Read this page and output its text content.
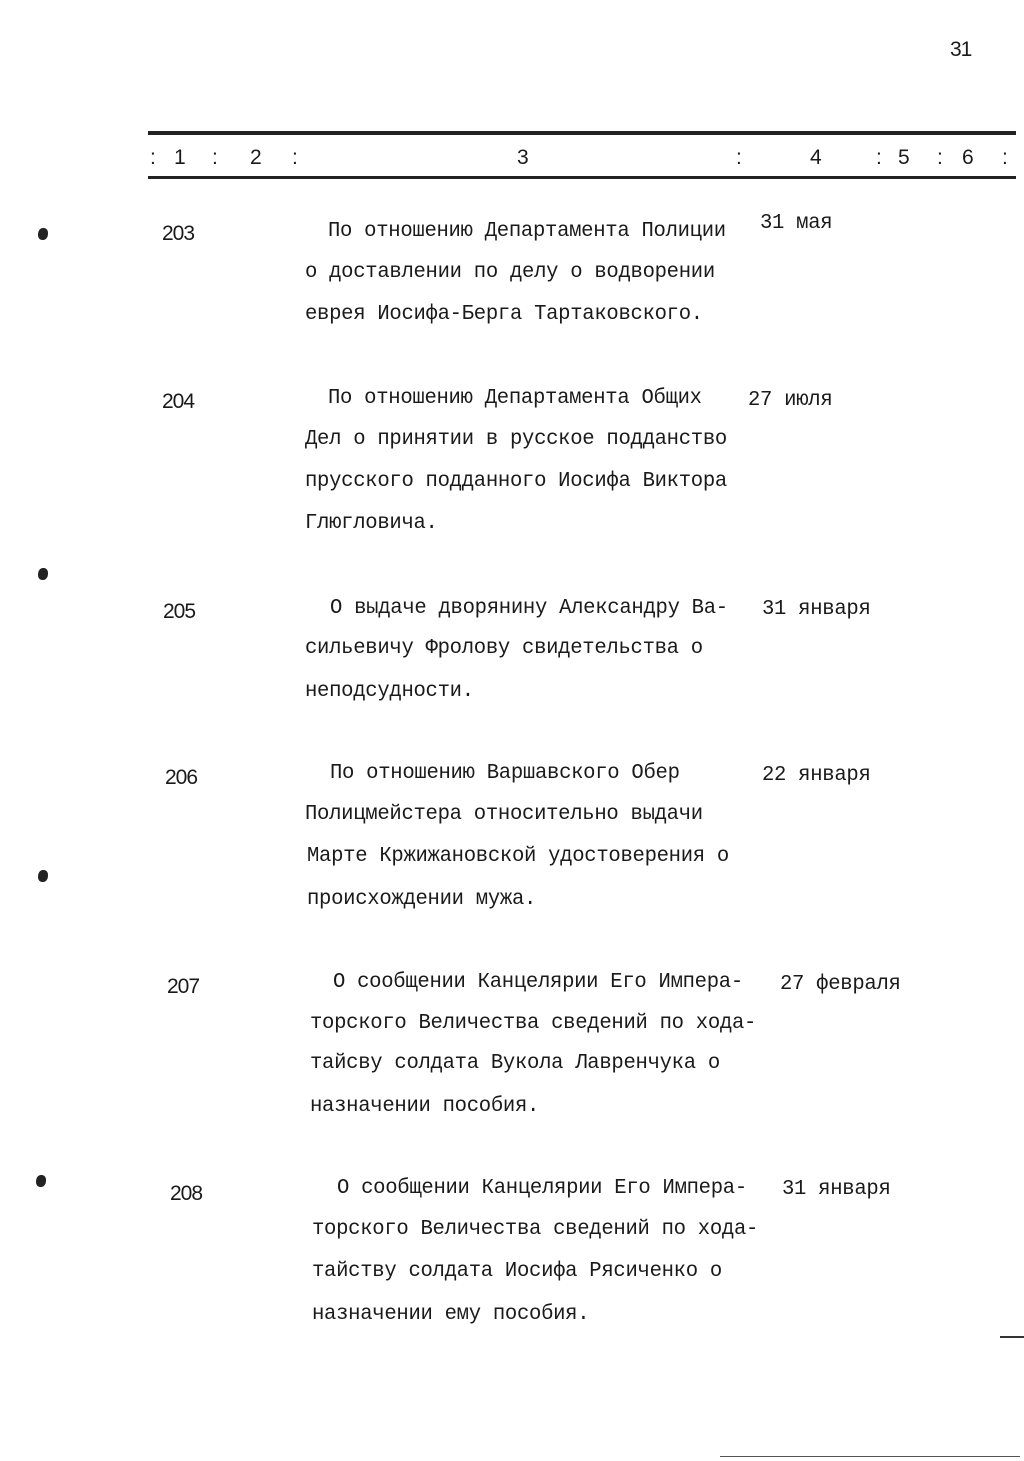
31
: 1 : 2 :	3	:	4	: 5 : 6 :
203	По отношению Департамента Полиции
о доставлении по делу о водворении
еврея Иосифа-Берга Тартаковского.
31 мая
204	По отношению Департамента Общих
Дел о принятии в русское подданство
прусского подданного Иосифа Виктора
Глюгловича.
27 июля
205	О выдаче дворянину Александру Ва-
сильевичу Фролову свидетельства о
неподсудности.
31 января
206	По отношению Варшавского Обер
Полицмейстера относительно выдачи
Марте Кржижановской удостоверения о
происхождении мужа.
22 января
207	О сообщении Канцелярии Его Импера-
торского Величества сведений по хода-
тайсву солдата Вукола Лавренчука о
назначении пособия.
27 февраля
208	О сообщении Канцелярии Его Импера-
торского Величества сведений по хода-
тайству солдата Иосифа Рясиченко о
назначении ему пособия.
31 января
